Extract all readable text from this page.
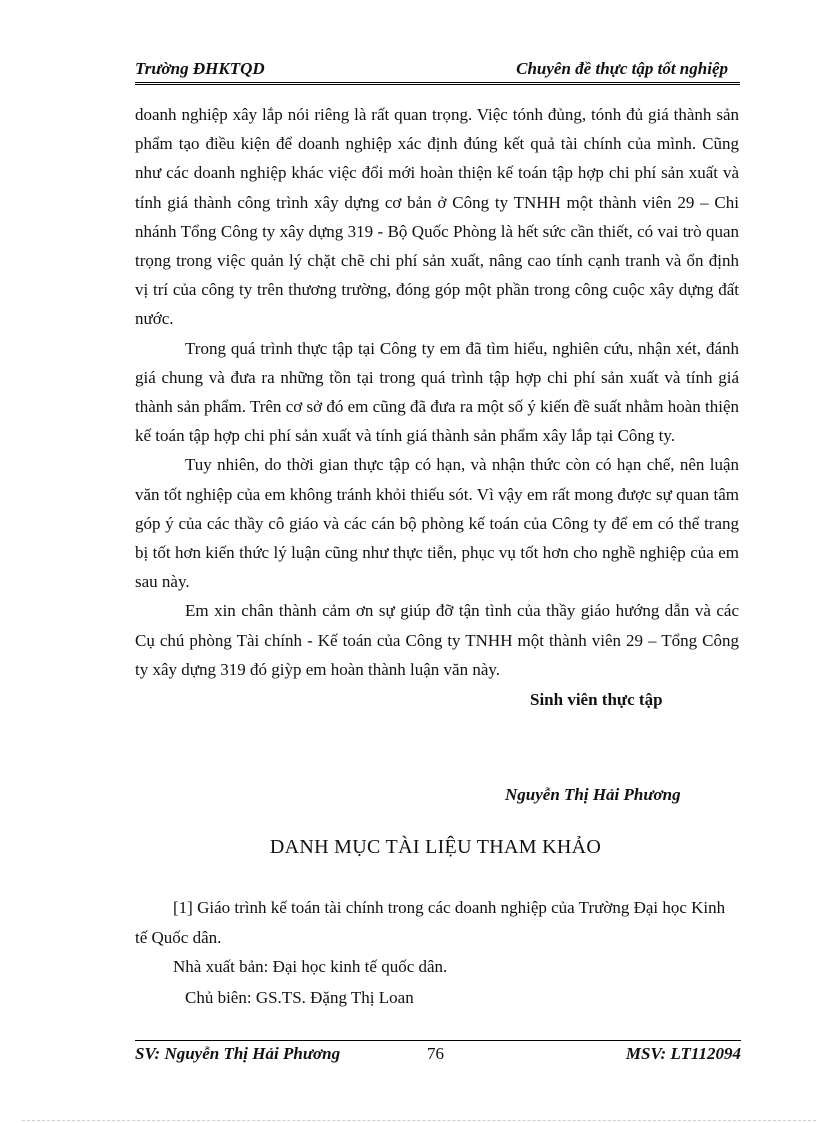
Trường ĐHKTQD	Chuyên đề thực tập tốt nghiệp

doanh nghiệp xây lắp nói riêng là rất quan trọng. Việc tónh đủng, tónh đủ giá thành sản phẩm tạo điều kiện để doanh nghiệp xác định đúng kết quả tài chính của mình. Cũng như các doanh nghiệp khác việc đổi mới hoàn thiện kế toán tập hợp chi phí sản xuất và tính giá thành công trình xây dựng cơ bản ở Công ty TNHH một thành viên 29 – Chi nhánh Tổng Công ty xây dựng 319 - Bộ Quốc Phòng là hết sức cần thiết, có vai trò quan trọng trong việc quản lý chặt chẽ chi phí sản xuất, nâng cao tính cạnh tranh và ổn định vị trí của công ty trên thương trường, đóng góp một phần trong công cuộc xây dựng đất nước.

Trong quá trình thực tập tại Công ty em đã tìm hiểu, nghiên cứu, nhận xét, đánh giá chung và đưa ra những tồn tại trong quá trình tập hợp chi phí sản xuất và tính giá thành sản phẩm. Trên cơ sở đó em cũng đã đưa ra một số ý kiến đề suất nhằm hoàn thiện kế toán tập hợp chi phí sản xuất và tính giá thành sản phẩm xây lắp tại Công ty.

Tuy nhiên, do thời gian thực tập có hạn, và nhận thức còn có hạn chế, nên luận văn tốt nghiệp của em không tránh khỏi thiếu sót. Vì vậy em rất mong được sự quan tâm góp ý của các thầy cô giáo và các cán bộ phòng kế toán của Công ty để em có thể trang bị tốt hơn kiến thức lý luận cũng như thực tiễn, phục vụ tốt hơn cho nghề nghiệp của em sau này.

Em xin chân thành cảm ơn sự giúp đỡ tận tình của thầy giáo hướng dẫn và các Cụ chú phòng Tài chính - Kế toán của Công ty TNHH một thành viên 29 – Tổng Công ty xây dựng 319 đó giỳp em hoàn thành luận văn này.

Sinh viên thực tập
Nguyễn Thị Hải Phương
DANH MỤC TÀI LIỆU THAM KHẢO

[1] Giáo trình kế toán tài chính trong các doanh nghiệp của Trường Đại học Kinh tế Quốc dân.

Nhà xuất bản: Đại học kinh tế quốc dân.

Chủ biên: GS.TS. Đặng Thị Loan

SV: Nguyễn Thị Hải Phương	76	MSV: LT112094
